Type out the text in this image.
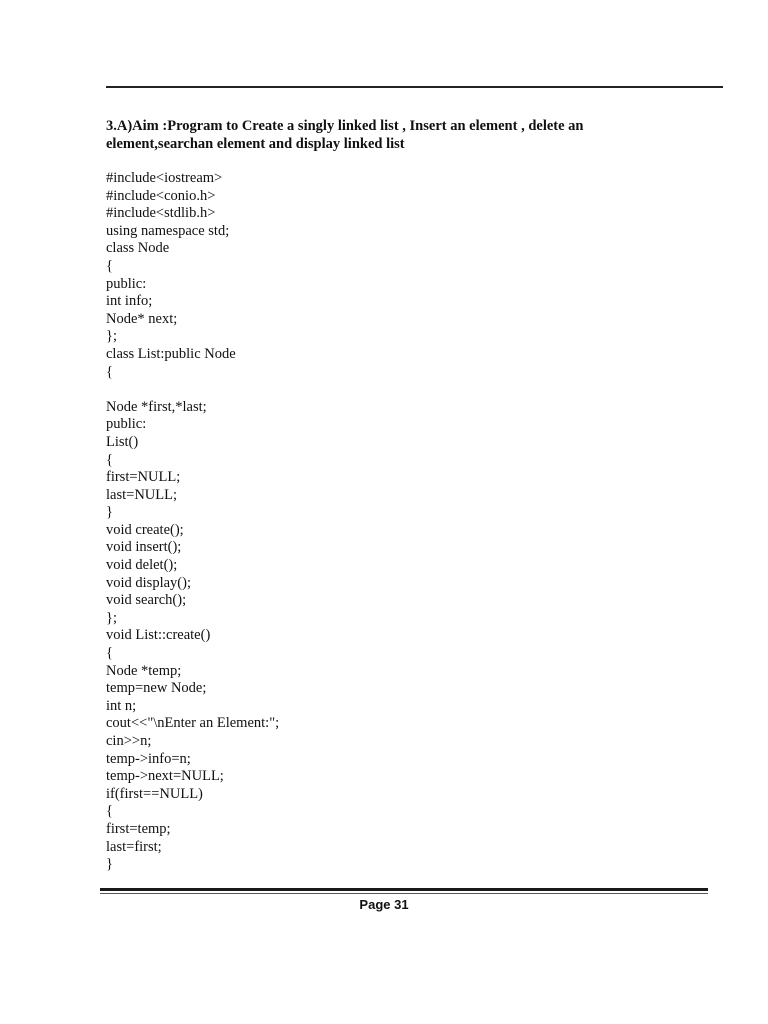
3.A)Aim :Program to Create a singly linked list , Insert an element , delete an
element,searchan element and display linked list
#include<iostream>
#include<conio.h>
#include<stdlib.h>
using namespace std;
class Node
{
public:
int info;
Node* next;
};
class List:public Node
{
Node *first,*last;
public:
List()
{
first=NULL;
last=NULL;
}
void create();
void insert();
void delet();
void display();
void search();
};
void List::create()
{
Node *temp;
temp=new Node;
int n;
cout<<"\nEnter an Element:";
cin>>n;
temp->info=n;
temp->next=NULL;
if(first==NULL)
{
first=temp;
last=first;
}
Page 31
